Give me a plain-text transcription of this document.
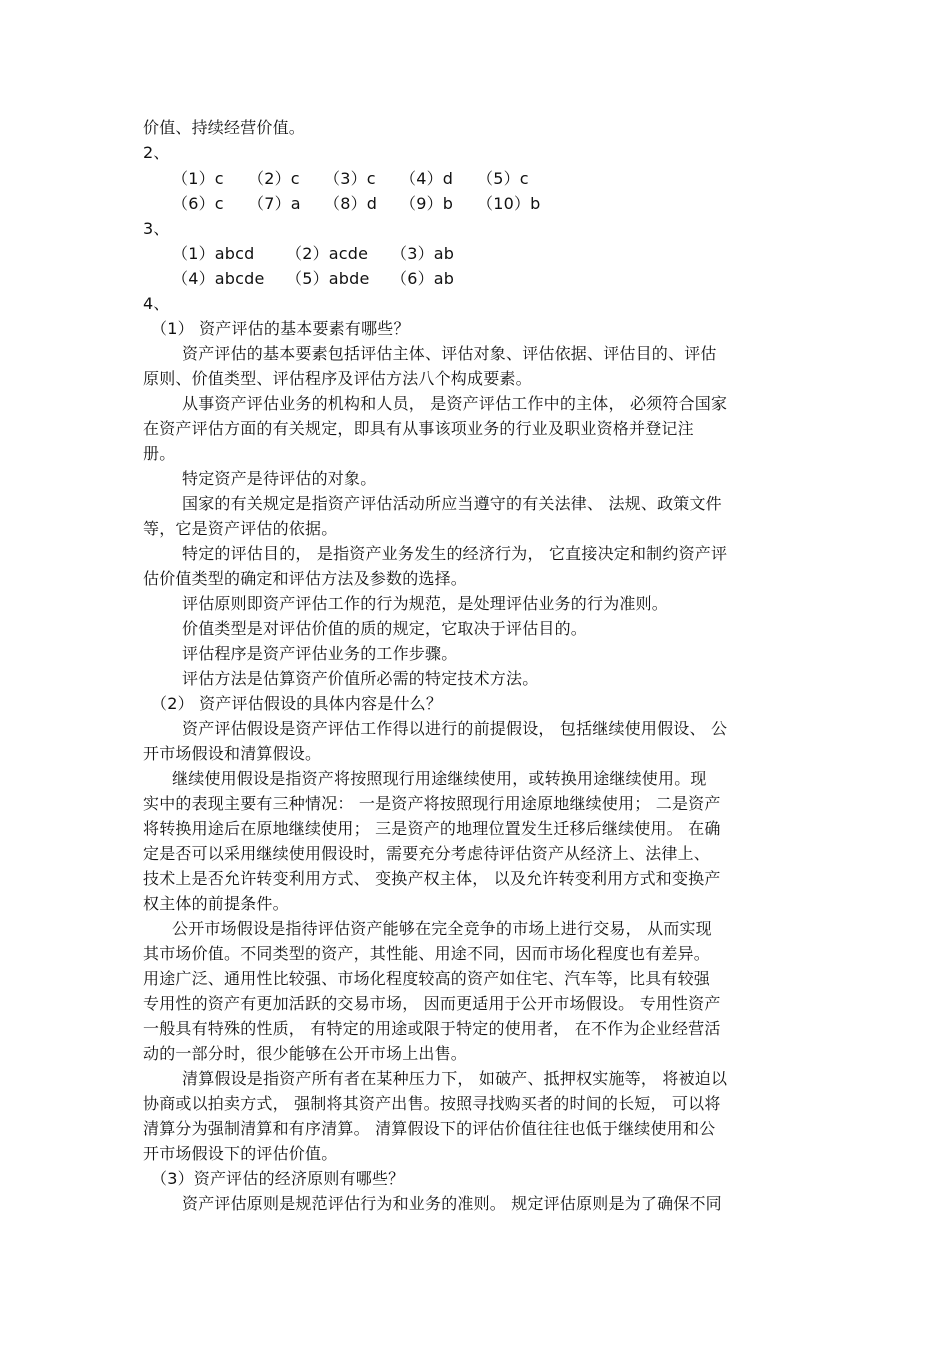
价值、持续经营价值。
2、
（1）c （2）c （3）c （4）d （5）c
（6）c （7）a （8）d （9）b （10）b
3、
（1）abcd （2）acde （3）ab
（4）abcde （5）abde （6）ab
4、
（1） 资产评估的基本要素有哪些？
资产评估的基本要素包括评估主体、评估对象、评估依据、评估目的、评估
原则、价值类型、评估程序及评估方法八个构成要素。
从事资产评估业务的机构和人员， 是资产评估工作中的主体， 必须符合国家
在资产评估方面的有关规定，即具有从事该项业务的行业及职业资格并登记注
册。
特定资产是待评估的对象。
国家的有关规定是指资产评估活动所应当遵守的有关法律、 法规、政策文件
等，它是资产评估的依据。
特定的评估目的， 是指资产业务发生的经济行为， 它直接决定和制约资产评
估价值类型的确定和评估方法及参数的选择。
评估原则即资产评估工作的行为规范，是处理评估业务的行为准则。
价值类型是对评估价值的质的规定，它取决于评估目的。
评估程序是资产评估业务的工作步骤。
评估方法是估算资产价值所必需的特定技术方法。
（2） 资产评估假设的具体内容是什么？
资产评估假设是资产评估工作得以进行的前提假设， 包括继续使用假设、 公
开市场假设和清算假设。
继续使用假设是指资产将按照现行用途继续使用，或转换用途继续使用。现
实中的表现主要有三种情况： 一是资产将按照现行用途原地继续使用； 二是资产
将转换用途后在原地继续使用； 三是资产的地理位置发生迁移后继续使用。 在确
定是否可以采用继续使用假设时，需要充分考虑待评估资产从经济上、法律上、
技术上是否允许转变利用方式、 变换产权主体， 以及允许转变利用方式和变换产
权主体的前提条件。
公开市场假设是指待评估资产能够在完全竞争的市场上进行交易， 从而实现
其市场价值。不同类型的资产，其性能、用途不同，因而市场化程度也有差异。
用途广泛、通用性比较强、市场化程度较高的资产如住宅、汽车等，比具有较强
专用性的资产有更加活跃的交易市场， 因而更适用于公开市场假设。 专用性资产
一般具有特殊的性质， 有特定的用途或限于特定的使用者， 在不作为企业经营活
动的一部分时，很少能够在公开市场上出售。
清算假设是指资产所有者在某种压力下， 如破产、抵押权实施等， 将被迫以
协商或以拍卖方式， 强制将其资产出售。按照寻找购买者的时间的长短， 可以将
清算分为强制清算和有序清算。 清算假设下的评估价值往往也低于继续使用和公
开市场假设下的评估价值。
（3）资产评估的经济原则有哪些？
资产评估原则是规范评估行为和业务的准则。 规定评估原则是为了确保不同
